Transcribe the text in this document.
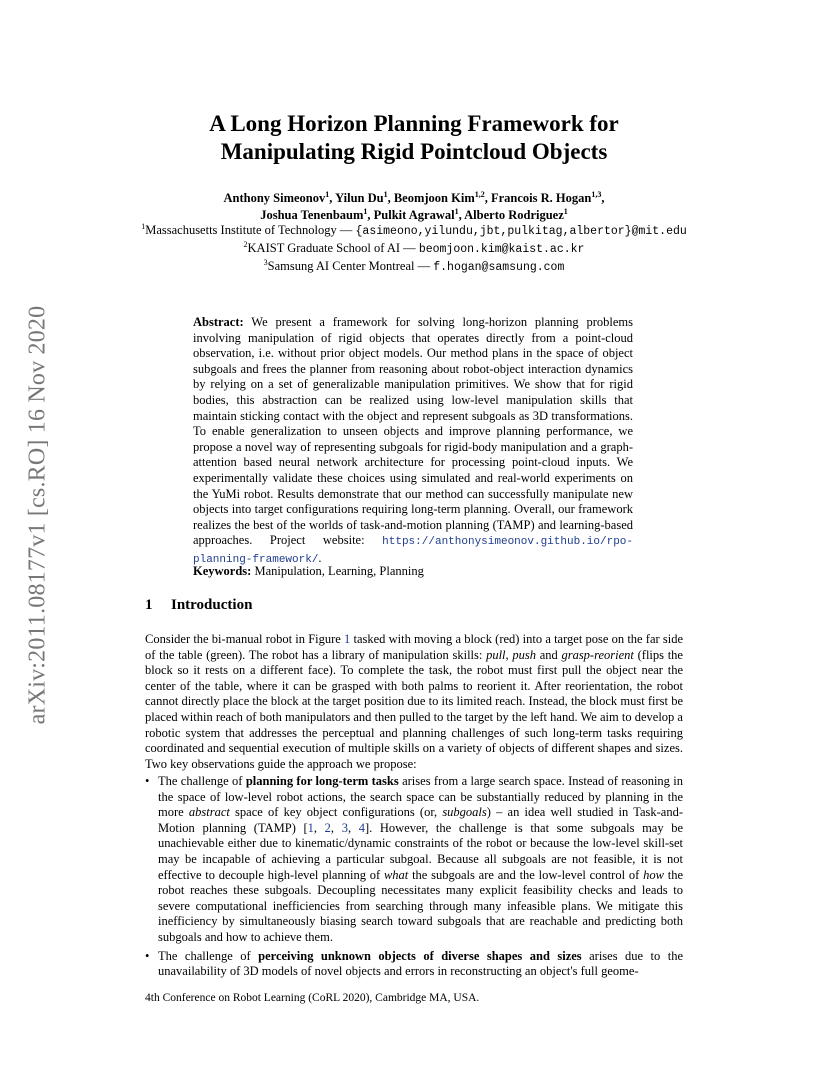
arXiv:2011.08177v1 [cs.RO] 16 Nov 2020
A Long Horizon Planning Framework for
Manipulating Rigid Pointcloud Objects
Anthony Simeonov$^1$, Yilun Du$^1$, Beomjoon Kim$^{1,2}$, Francois R. Hogan$^{1,3}$,
Joshua Tenenbaum$^1$, Pulkit Agrawal$^1$, Alberto Rodriguez$^1$
$^1$Massachusetts Institute of Technology — {asimeono,yilundu,jbt,pulkitag,albertor}@mit.edu
$^2$KAIST Graduate School of AI — beomjoon.kim@kaist.ac.kr
$^3$Samsung AI Center Montreal — f.hogan@samsung.com
Abstract: We present a framework for solving long-horizon planning problems involving manipulation of rigid objects that operates directly from a point-cloud observation, i.e. without prior object models. Our method plans in the space of object subgoals and frees the planner from reasoning about robot-object interaction dynamics by relying on a set of generalizable manipulation primitives. We show that for rigid bodies, this abstraction can be realized using low-level manipulation skills that maintain sticking contact with the object and represent subgoals as 3D transformations. To enable generalization to unseen objects and improve planning performance, we propose a novel way of representing subgoals for rigid-body manipulation and a graph-attention based neural network architecture for processing point-cloud inputs. We experimentally validate these choices using simulated and real-world experiments on the YuMi robot. Results demonstrate that our method can successfully manipulate new objects into target configurations requiring long-term planning. Overall, our framework realizes the best of the worlds of task-and-motion planning (TAMP) and learning-based approaches. Project website: https://anthonysimeonov.github.io/rpo-planning-framework/.
Keywords: Manipulation, Learning, Planning
1 Introduction

Consider the bi-manual robot in Figure 1 tasked with moving a block (red) into a target pose on the far side of the table (green). The robot has a library of manipulation skills: pull, push and grasp-reorient (flips the block so it rests on a different face). To complete the task, the robot must first pull the object near the center of the table, where it can be grasped with both palms to reorient it. After reorientation, the robot cannot directly place the block at the target position due to its limited reach. Instead, the block must first be placed within reach of both manipulators and then pulled to the target by the left hand. We aim to develop a robotic system that addresses the perceptual and planning challenges of such long-term tasks requiring coordinated and sequential execution of multiple skills on a variety of objects of different shapes and sizes. Two key observations guide the approach we propose:

• The challenge of planning for long-term tasks arises from a large search space. Instead of reasoning in the space of low-level robot actions, the search space can be substantially reduced by planning in the more abstract space of key object configurations (or, subgoals) – an idea well studied in Task-and-Motion planning (TAMP) [1, 2, 3, 4]. However, the challenge is that some subgoals may be unachievable either due to kinematic/dynamic constraints of the robot or because the low-level skill-set may be incapable of achieving a particular subgoal. Because all subgoals are not feasible, it is not effective to decouple high-level planning of what the subgoals are and the low-level control of how the robot reaches these subgoals. Decoupling necessitates many explicit feasibility checks and leads to severe computational inefficiencies from searching through many infeasible plans. We mitigate this inefficiency by simultaneously biasing search toward subgoals that are reachable and predicting both subgoals and how to achieve them.
• The challenge of perceiving unknown objects of diverse shapes and sizes arises due to the unavailability of 3D models of novel objects and errors in reconstructing an object's full geome-
4th Conference on Robot Learning (CoRL 2020), Cambridge MA, USA.
